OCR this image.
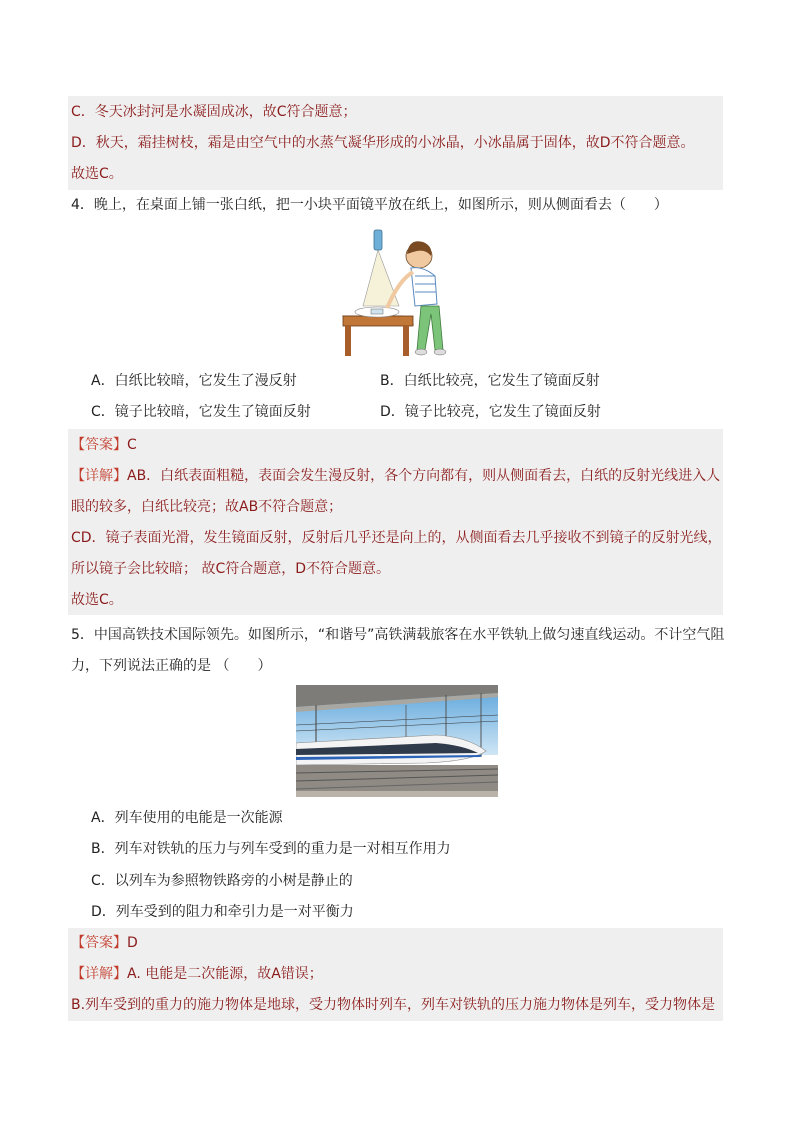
C．冬天冰封河是水凝固成冰，故C符合题意；
D．秋天，霜挂树枝，霜是由空气中的水蒸气凝华形成的小冰晶，小冰晶属于固体，故D不符合题意。
故选C。
4．晚上，在桌面上铺一张白纸，把一小块平面镜平放在纸上，如图所示，则从侧面看去（　　）
A．白纸比较暗，它发生了漫反射	B．白纸比较亮，它发生了镜面反射
C．镜子比较暗，它发生了镜面反射	D．镜子比较亮，它发生了镜面反射
【答案】C
【详解】AB．白纸表面粗糙，表面会发生漫反射，各个方向都有，则从侧面看去，白纸的反射光线进入人
眼的较多，白纸比较亮；故AB不符合题意；
CD．镜子表面光滑，发生镜面反射，反射后几乎还是向上的，从侧面看去几乎接收不到镜子的反射光线，
所以镜子会比较暗； 故C符合题意，D不符合题意。
故选C。
5．中国高铁技术国际领先。如图所示，“和谐号”高铁满载旅客在水平铁轨上做匀速直线运动。不计空气阻
力，下列说法正确的是 （　　）
A．列车使用的电能是一次能源
B．列车对铁轨的压力与列车受到的重力是一对相互作用力
C．以列车为参照物铁路旁的小树是静止的
D．列车受到的阻力和牵引力是一对平衡力
【答案】D
【详解】A. 电能是二次能源，故A错误；
B.列车受到的重力的施力物体是地球，受力物体时列车，列车对铁轨的压力施力物体是列车，受力物体是
